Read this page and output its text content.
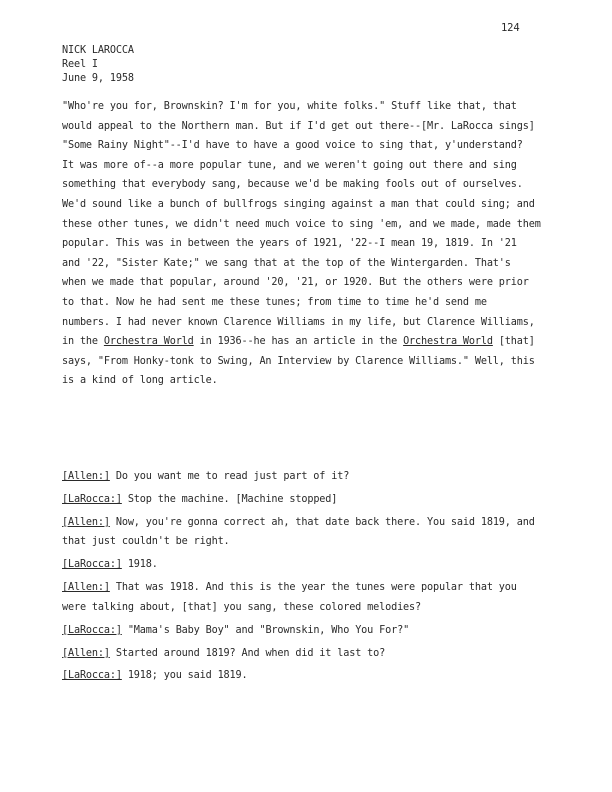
124
NICK LAROCCA
Reel I
June 9, 1958
"Who're you for, Brownskin? I'm for you, white folks." Stuff like that, that
would appeal to the Northern man. But if I'd get out there--[Mr. LaRocca sings]
"Some Rainy Night"--I'd have to have a good voice to sing that, y'understand?
It was more of--a more popular tune, and we weren't going out there and sing
something that everybody sang, because we'd be making fools out of ourselves.
We'd sound like a bunch of bullfrogs singing against a man that could sing; and
these other tunes, we didn't need much voice to sing 'em, and we made, made them
popular. This was in between the years of 1921, '22--I mean 19, 1819. In '21
and '22, "Sister Kate;" we sang that at the top of the Wintergarden. That's
when we made that popular, around '20, '21, or 1920. But the others were prior
to that. Now he had sent me these tunes; from time to time he'd send me
numbers. I had never known Clarence Williams in my life, but Clarence Williams,
in the Orchestra World in 1936--he has an article in the Orchestra World [that]
says, "From Honky-tonk to Swing, An Interview by Clarence Williams." Well, this
is a kind of long article.
[Allen:] Do you want me to read just part of it?
[LaRocca:] Stop the machine. [Machine stopped]
[Allen:] Now, you're gonna correct ah, that date back there. You said 1819, and
that just couldn't be right.
[LaRocca:] 1918.
[Allen:] That was 1918. And this is the year the tunes were popular that you
were talking about, [that] you sang, these colored melodies?
[LaRocca:] "Mama's Baby Boy" and "Brownskin, Who You For?"
[Allen:] Started around 1819? And when did it last to?
[LaRocca:] 1918; you said 1819.
